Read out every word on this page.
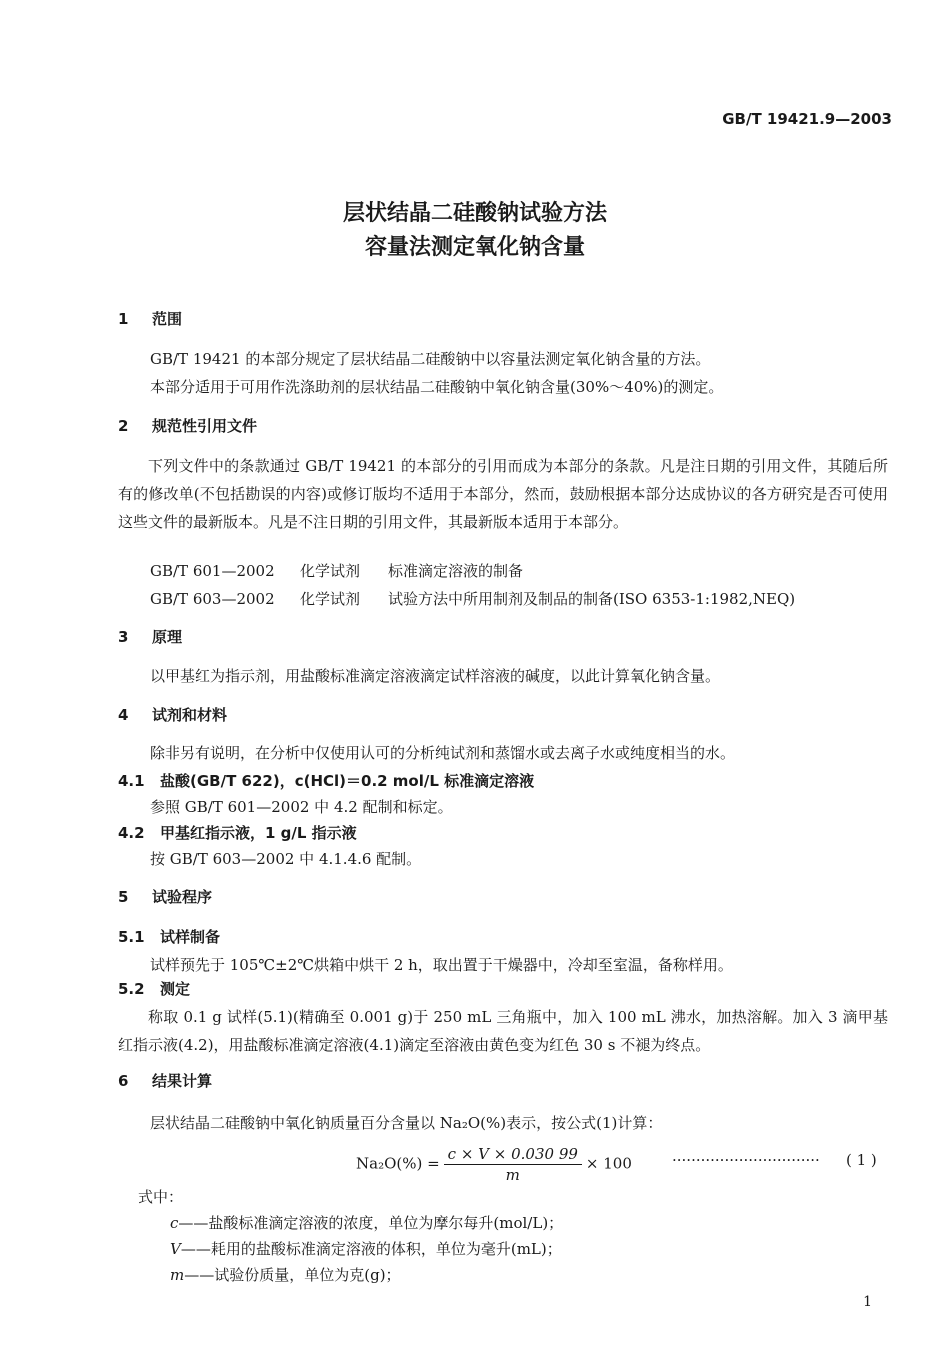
GB/T 19421.9—2003
层状结晶二硅酸钠试验方法
容量法测定氧化钠含量
1 范围
GB/T 19421 的本部分规定了层状结晶二硅酸钠中以容量法测定氧化钠含量的方法。
本部分适用于可用作洗涤助剂的层状结晶二硅酸钠中氧化钠含量(30%～40%)的测定。
2 规范性引用文件
下列文件中的条款通过 GB/T 19421 的本部分的引用而成为本部分的条款。凡是注日期的引用文件，其随后所有的修改单(不包括勘误的内容)或修订版均不适用于本部分，然而，鼓励根据本部分达成协议的各方研究是否可使用这些文件的最新版本。凡是不注日期的引用文件，其最新版本适用于本部分。
GB/T 601—2002 化学试剂 标准滴定溶液的制备
GB/T 603—2002 化学试剂 试验方法中所用制剂及制品的制备(ISO 6353-1:1982,NEQ)
3 原理
以甲基红为指示剂，用盐酸标准滴定溶液滴定试样溶液的碱度，以此计算氧化钠含量。
4 试剂和材料
除非另有说明，在分析中仅使用认可的分析纯试剂和蒸馏水或去离子水或纯度相当的水。
4.1 盐酸(GB/T 622)，c(HCl)＝0.2 mol/L 标准滴定溶液
参照 GB/T 601—2002 中 4.2 配制和标定。
4.2 甲基红指示液，1 g/L 指示液
按 GB/T 603—2002 中 4.1.4.6 配制。
5 试验程序
5.1 试样制备
试样预先于 105℃±2℃烘箱中烘干 2 h，取出置于干燥器中，冷却至室温，备称样用。
5.2 测定
称取 0.1 g 试样(5.1)(精确至 0.001 g)于 250 mL 三角瓶中，加入 100 mL 沸水，加热溶解。加入 3 滴甲基红指示液(4.2)，用盐酸标准滴定溶液(4.1)滴定至溶液由黄色变为红色 30 s 不褪为终点。
6 结果计算
层状结晶二硅酸钠中氧化钠质量百分含量以 Na₂O(%)表示，按公式(1)计算：
$Na_2O(\%) = \frac{c \times V \times 0.030 99}{m} \times 100$	······························· ( 1 )
式中：
c——盐酸标准滴定溶液的浓度，单位为摩尔每升(mol/L)；
V——耗用的盐酸标准滴定溶液的体积，单位为毫升(mL)；
m——试验份质量，单位为克(g)；
1
